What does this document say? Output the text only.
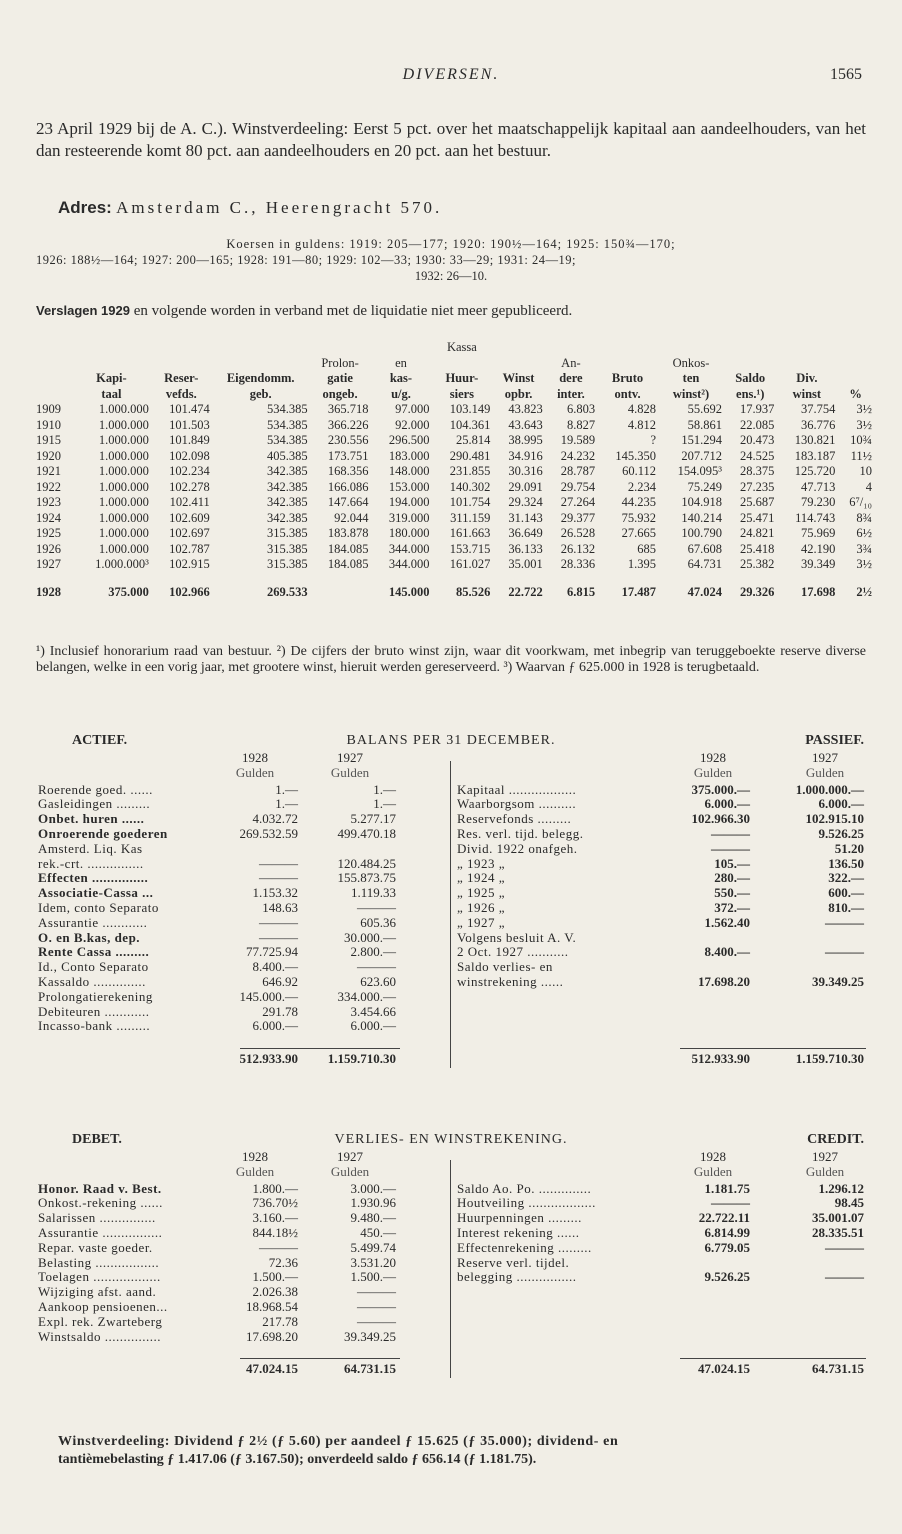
DIVERSEN.	1565
23 April 1929 bij de A. C.). Winstverdeeling: Eerst 5 pct. over het maatschappelijk kapitaal aan aandeelhouders, van het dan resteerende komt 80 pct. aan aandeelhouders en 20 pct. aan het bestuur.
Adres: Amsterdam C., Heerengracht 570.
Koersen in guldens: 1919: 205—177; 1920: 190½—164; 1925: 150¾—170;
1926: 188½—164; 1927: 200—165; 1928: 191—80; 1929: 102—33; 1930: 33—29; 1931: 24—19;
1932: 26—10.
Verslagen 1929 en volgende worden in verband met de liquidatie niet meer gepubliceerd.
						Kassa							
				Prolon-	en			An-		Onkos-			
	Kapi-	Reser-	Eigendomm.	gatie	kas-	Huur-	Winst	dere	Bruto	ten	Saldo	Div.	
	taal	vefds.	geb.	ongeb.	u/g.	siers	opbr.	inter.	ontv.	winst²)	ens.¹)	winst	%
1909	1.000.000	101.474	534.385	365.718	97.000	103.149	43.823	6.803	4.828	55.692	17.937	37.754	3½
1910	1.000.000	101.503	534.385	366.226	92.000	104.361	43.643	8.827	4.812	58.861	22.085	36.776	3½
1915	1.000.000	101.849	534.385	230.556	296.500	25.814	38.995	19.589	?	151.294	20.473	130.821	10¾
1920	1.000.000	102.098	405.385	173.751	183.000	290.481	34.916	24.232	145.350	207.712	24.525	183.187	11½
1921	1.000.000	102.234	342.385	168.356	148.000	231.855	30.316	28.787	60.112	154.095³	28.375	125.720	10
1922	1.000.000	102.278	342.385	166.086	153.000	140.302	29.091	29.754	2.234	75.249	27.235	47.713	4
1923	1.000.000	102.411	342.385	147.664	194.000	101.754	29.324	27.264	44.235	104.918	25.687	79.230	6⁷/₁₀
1924	1.000.000	102.609	342.385	92.044	319.000	311.159	31.143	29.377	75.932	140.214	25.471	114.743	8¾
1925	1.000.000	102.697	315.385	183.878	180.000	161.663	36.649	26.528	27.665	100.790	24.821	75.969	6½
1926	1.000.000	102.787	315.385	184.085	344.000	153.715	36.133	26.132	685	67.608	25.418	42.190	3¾
1927	1.000.000³	102.915	315.385	184.085	344.000	161.027	35.001	28.336	1.395	64.731	25.382	39.349	3½

1928	375.000	102.966	269.533		145.000	85.526	22.722	6.815	17.487	47.024	29.326	17.698	2½
¹) Inclusief honorarium raad van bestuur. ²) De cijfers der bruto winst zijn, waar dit voorkwam, met inbegrip van teruggeboekte reserve diverse belangen, welke in een vorig jaar, met grootere winst, hieruit werden gereserveerd. ³) Waarvan ƒ 625.000 in 1928 is terugbetaald.
ACTIEF.	BALANS PER 31 DECEMBER.	PASSIEF.
1928
Gulden
1927
Gulden
1928
Gulden
1927
Gulden
Roerende goed. ......	1.—	1.—
Gasleidingen .........	1.—	1.—
Onbet. huren ......	4.032.72	5.277.17
Onroerende goederen	269.532.59	499.470.18
Amsterd. Liq. Kas
rek.-crt. ...............	———	120.484.25
Effecten ...............	———	155.873.75
Associatie-Cassa ...	1.153.32	1.119.33
Idem, conto Separato	148.63	———
Assurantie ............	———	605.36
O. en B.kas, dep.	———	30.000.—
Rente Cassa .........	77.725.94	2.800.—
Id., Conto Separato	8.400.—	———
Kassaldo ..............	646.92	623.60
Prolongatierekening	145.000.—	334.000.—
Debiteuren ............	291.78	3.454.66
Incasso-bank .........	6.000.—	6.000.—
Kapitaal ..................	375.000.—	1.000.000.—
Waarborgsom ..........	6.000.—	6.000.—
Reservefonds .........	102.966.30	102.915.10
Res. verl. tijd. belegg.	———	9.526.25
Divid. 1922 onafgeh.	———	51.20
„ 1923 „	105.—	136.50
„ 1924 „	280.—	322.—
„ 1925 „	550.—	600.—
„ 1926 „	372.—	810.—
„ 1927 „	1.562.40	———
Volgens besluit A. V.
2 Oct. 1927 ...........	8.400.—	———
Saldo verlies- en
winstrekening ......	17.698.20	39.349.25
512.933.90	1.159.710.30	512.933.90	1.159.710.30
DEBET.	VERLIES- EN WINSTREKENING.	CREDIT.
1928
Gulden
1927
Gulden
1928
Gulden
1927
Gulden
Honor. Raad v. Best.	1.800.—	3.000.—
Onkost.-rekening ......	736.70½	1.930.96
Salarissen ...............	3.160.—	9.480.—
Assurantie ................	844.18½	450.—
Repar. vaste goeder.	———	5.499.74
Belasting .................	72.36	3.531.20
Toelagen ..................	1.500.—	1.500.—
Wijziging afst. aand.	2.026.38	———
Aankoop pensioenen...	18.968.54	———
Expl. rek. Zwarteberg	217.78	———
Winstsaldo ...............	17.698.20	39.349.25
Saldo Ao. Po. ..............	1.181.75	1.296.12
Houtveiling ..................	———	98.45
Huurpenningen .........	22.722.11	35.001.07
Interest rekening ......	6.814.99	28.335.51
Effectenrekening .........	6.779.05	———
Reserve verl. tijdel.
belegging ................	9.526.25	———
47.024.15	64.731.15	47.024.15	64.731.15
Winstverdeeling: Dividend ƒ 2½ (ƒ 5.60) per aandeel ƒ 15.625 (ƒ 35.000); dividend- en
tantièmebelasting ƒ 1.417.06 (ƒ 3.167.50); onverdeeld saldo ƒ 656.14 (ƒ 1.181.75).
